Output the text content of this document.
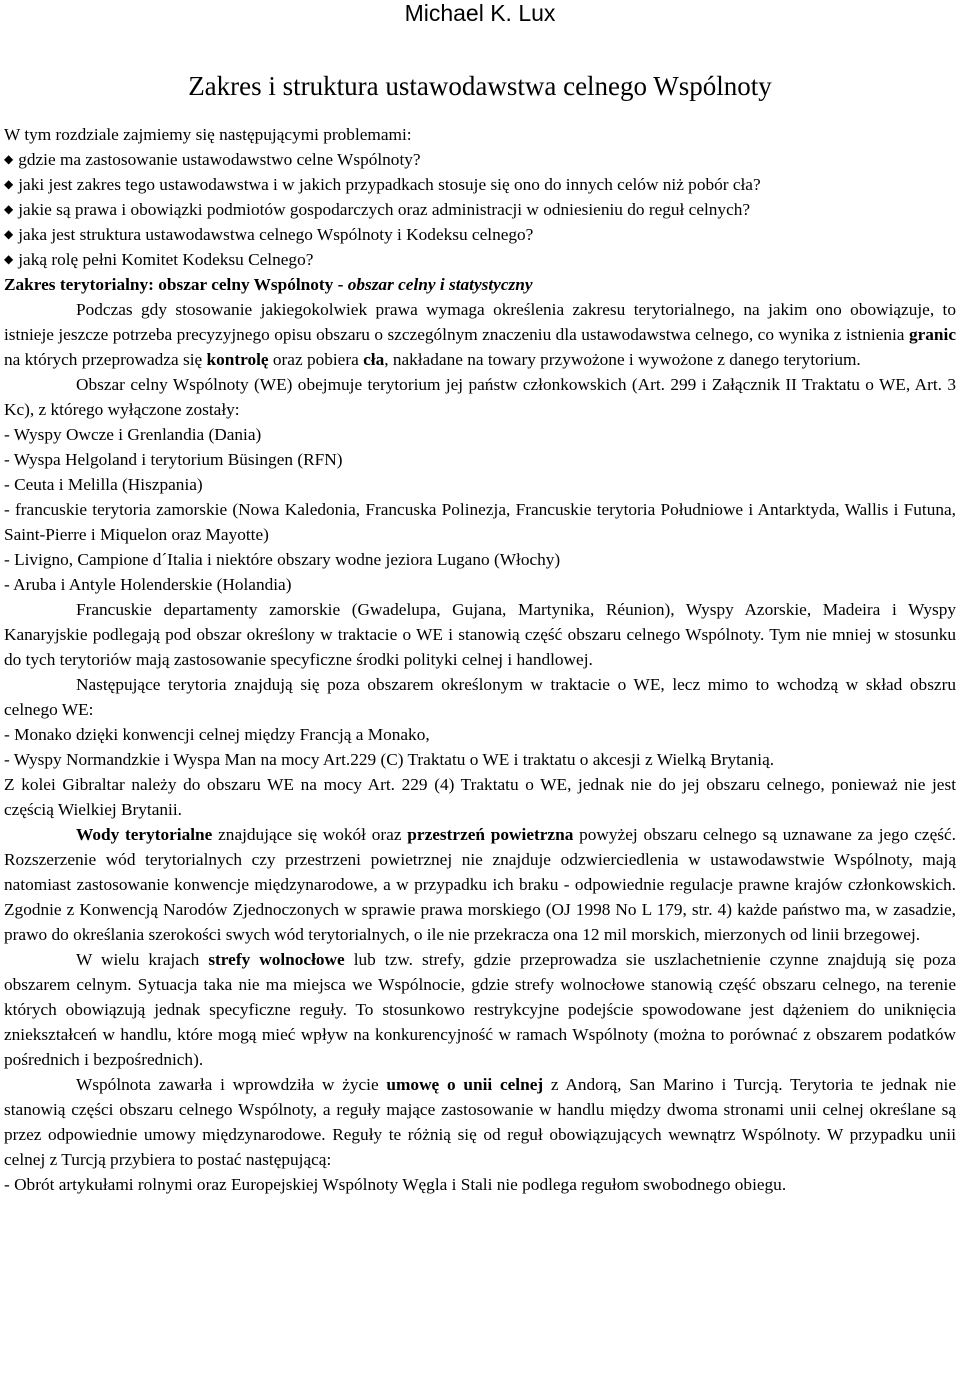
Michael K. Lux
Zakres i struktura ustawodawstwa celnego Wspólnoty

W tym rozdziale zajmiemy się następującymi problemami:

◆ gdzie ma zastosowanie ustawodawstwo celne Wspólnoty?

◆ jaki jest zakres tego ustawodawstwa i w jakich przypadkach stosuje się ono do innych celów niż pobór cła?

◆ jakie są prawa i obowiązki podmiotów gospodarczych oraz administracji w odniesieniu do reguł celnych?

◆ jaka jest struktura ustawodawstwa celnego Wspólnoty i Kodeksu celnego?

◆ jaką rolę pełni Komitet Kodeksu Celnego?

Zakres terytorialny: obszar celny Wspólnoty - obszar celny i statystyczny

Podczas gdy stosowanie jakiegokolwiek prawa wymaga określenia zakresu terytorialnego, na jakim ono obowiązuje, to istnieje jeszcze potrzeba precyzyjnego opisu obszaru o szczególnym znaczeniu dla ustawodawstwa celnego, co wynika z istnienia granic na których przeprowadza się kontrolę oraz pobiera cła, nakładane na towary przywożone i wywożone z danego terytorium.

Obszar celny Wspólnoty (WE) obejmuje terytorium jej państw członkowskich (Art. 299 i Załącznik II Traktatu o WE, Art. 3 Kc), z którego wyłączone zostały:

- Wyspy Owcze i Grenlandia (Dania)

- Wyspa Helgoland i terytorium Büsingen (RFN)

- Ceuta i Melilla (Hiszpania)

- francuskie terytoria zamorskie (Nowa Kaledonia, Francuska Polinezja, Francuskie terytoria Południowe i Antarktyda, Wallis i Futuna, Saint-Pierre i Miquelon oraz Mayotte)

- Livigno, Campione d´Italia i niektóre obszary wodne jeziora Lugano (Włochy)

- Aruba i Antyle Holenderskie (Holandia)

Francuskie departamenty zamorskie (Gwadelupa, Gujana, Martynika, Réunion), Wyspy Azorskie, Madeira i Wyspy Kanaryjskie podlegają pod obszar określony w traktacie o WE i stanowią część obszaru celnego Wspólnoty. Tym nie mniej w stosunku do tych terytoriów mają zastosowanie specyficzne środki polityki celnej i handlowej.

Następujące terytoria znajdują się poza obszarem określonym w traktacie o WE, lecz mimo to wchodzą w skład obszru celnego WE:

- Monako dzięki konwencji celnej między Francją a Monako,

- Wyspy Normandzkie i Wyspa Man na mocy Art.229 (C) Traktatu o WE i traktatu o akcesji z Wielką Brytanią.

Z kolei Gibraltar należy do obszaru WE na mocy Art. 229 (4) Traktatu o WE, jednak nie do jej obszaru celnego, ponieważ nie jest częścią Wielkiej Brytanii.

Wody terytorialne znajdujące się wokół oraz przestrzeń powietrzna powyżej obszaru celnego są uznawane za jego część. Rozszerzenie wód terytorialnych czy przestrzeni powietrznej nie znajduje odzwierciedlenia w ustawodawstwie Wspólnoty, mają natomiast zastosowanie konwencje międzynarodowe, a w przypadku ich braku - odpowiednie regulacje prawne krajów członkowskich. Zgodnie z Konwencją Narodów Zjednoczonych w sprawie prawa morskiego (OJ 1998 No L 179, str. 4) każde państwo ma, w zasadzie, prawo do określania szerokości swych wód terytorialnych, o ile nie przekracza ona 12 mil morskich, mierzonych od linii brzegowej.

W wielu krajach strefy wolnocłowe lub tzw. strefy, gdzie przeprowadza sie uszlachetnienie czynne znajdują się poza obszarem celnym. Sytuacja taka nie ma miejsca we Wspólnocie, gdzie strefy wolnocłowe stanowią część obszaru celnego, na terenie których obowiązują jednak specyficzne reguły. To stosunkowo restrykcyjne podejście spowodowane jest dążeniem do uniknięcia zniekształceń w handlu, które mogą mieć wpływ na konkurencyjność w ramach Wspólnoty (można to porównać z obszarem podatków pośrednich i bezpośrednich).

Wspólnota zawarła i wprowdziła w życie umowę o unii celnej z Andorą, San Marino i Turcją. Terytoria te jednak nie stanowią części obszaru celnego Wspólnoty, a reguły mające zastosowanie w handlu między dwoma stronami unii celnej określane są przez odpowiednie umowy międzynarodowe. Reguły te różnią się od reguł obowiązujących wewnątrz Wspólnoty. W przypadku unii celnej z Turcją przybiera to postać następującą:

- Obrót artykułami rolnymi oraz Europejskiej Wspólnoty Węgla i Stali nie podlega regułom swobodnego obiegu.
